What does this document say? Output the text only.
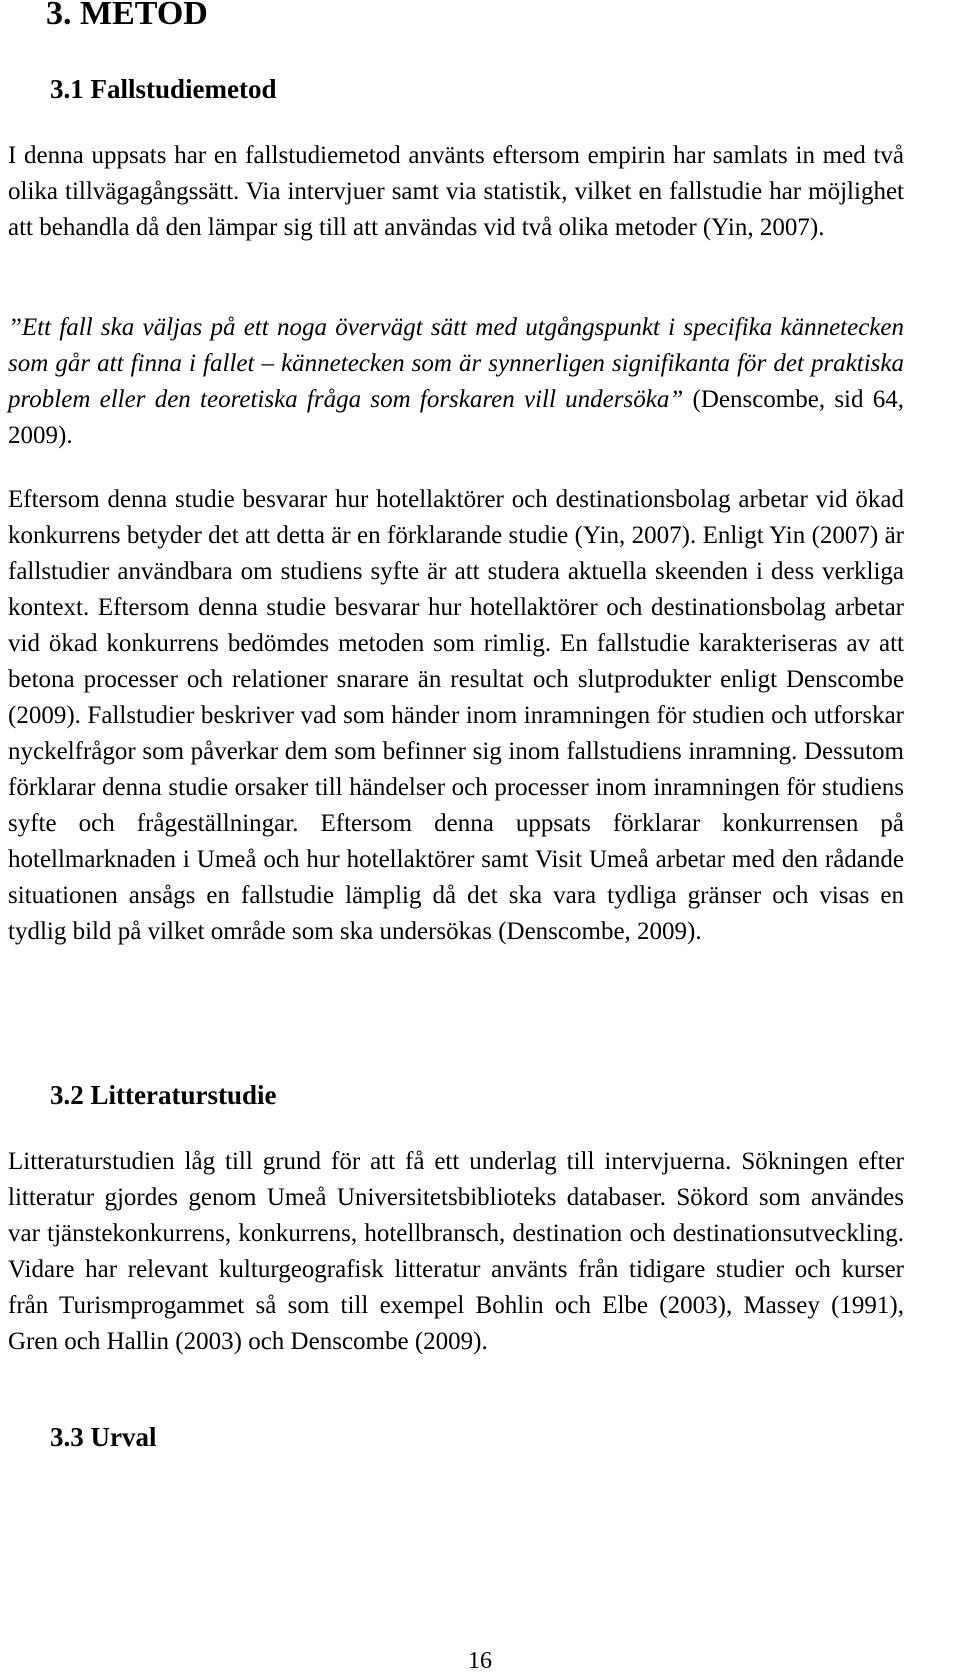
3. METOD
3.1 Fallstudiemetod

I denna uppsats har en fallstudiemetod använts eftersom empirin har samlats in med två olika tillvägagångssätt. Via intervjuer samt via statistik, vilket en fallstudie har möjlighet att behandla då den lämpar sig till att användas vid två olika metoder (Yin, 2007).

”Ett fall ska väljas på ett noga övervägt sätt med utgångspunkt i specifika kännetecken som går att finna i fallet – kännetecken som är synnerligen signifikanta för det praktiska problem eller den teoretiska fråga som forskaren vill undersöka” (Denscombe, sid 64, 2009).

Eftersom denna studie besvarar hur hotellaktörer och destinationsbolag arbetar vid ökad konkurrens betyder det att detta är en förklarande studie (Yin, 2007). Enligt Yin (2007) är fallstudier användbara om studiens syfte är att studera aktuella skeenden i dess verkliga kontext. Eftersom denna studie besvarar hur hotellaktörer och destinationsbolag arbetar vid ökad konkurrens bedömdes metoden som rimlig. En fallstudie karakteriseras av att betona processer och relationer snarare än resultat och slutprodukter enligt Denscombe (2009). Fallstudier beskriver vad som händer inom inramningen för studien och utforskar nyckelfrågor som påverkar dem som befinner sig inom fallstudiens inramning. Dessutom förklarar denna studie orsaker till händelser och processer inom inramningen för studiens syfte och frågeställningar. Eftersom denna uppsats förklarar konkurrensen på hotellmarknaden i Umeå och hur hotellaktörer samt Visit Umeå arbetar med den rådande situationen ansågs en fallstudie lämplig då det ska vara tydliga gränser och visas en tydlig bild på vilket område som ska undersökas (Denscombe, 2009).

3.2 Litteraturstudie

Litteraturstudien låg till grund för att få ett underlag till intervjuerna. Sökningen efter litteratur gjordes genom Umeå Universitetsbiblioteks databaser. Sökord som användes var tjänstekonkurrens, konkurrens, hotellbransch, destination och destinationsutveckling. Vidare har relevant kulturgeografisk litteratur använts från tidigare studier och kurser från Turismprogammet så som till exempel Bohlin och Elbe (2003), Massey (1991), Gren och Hallin (2003) och Denscombe (2009).

3.3 Urval
16
